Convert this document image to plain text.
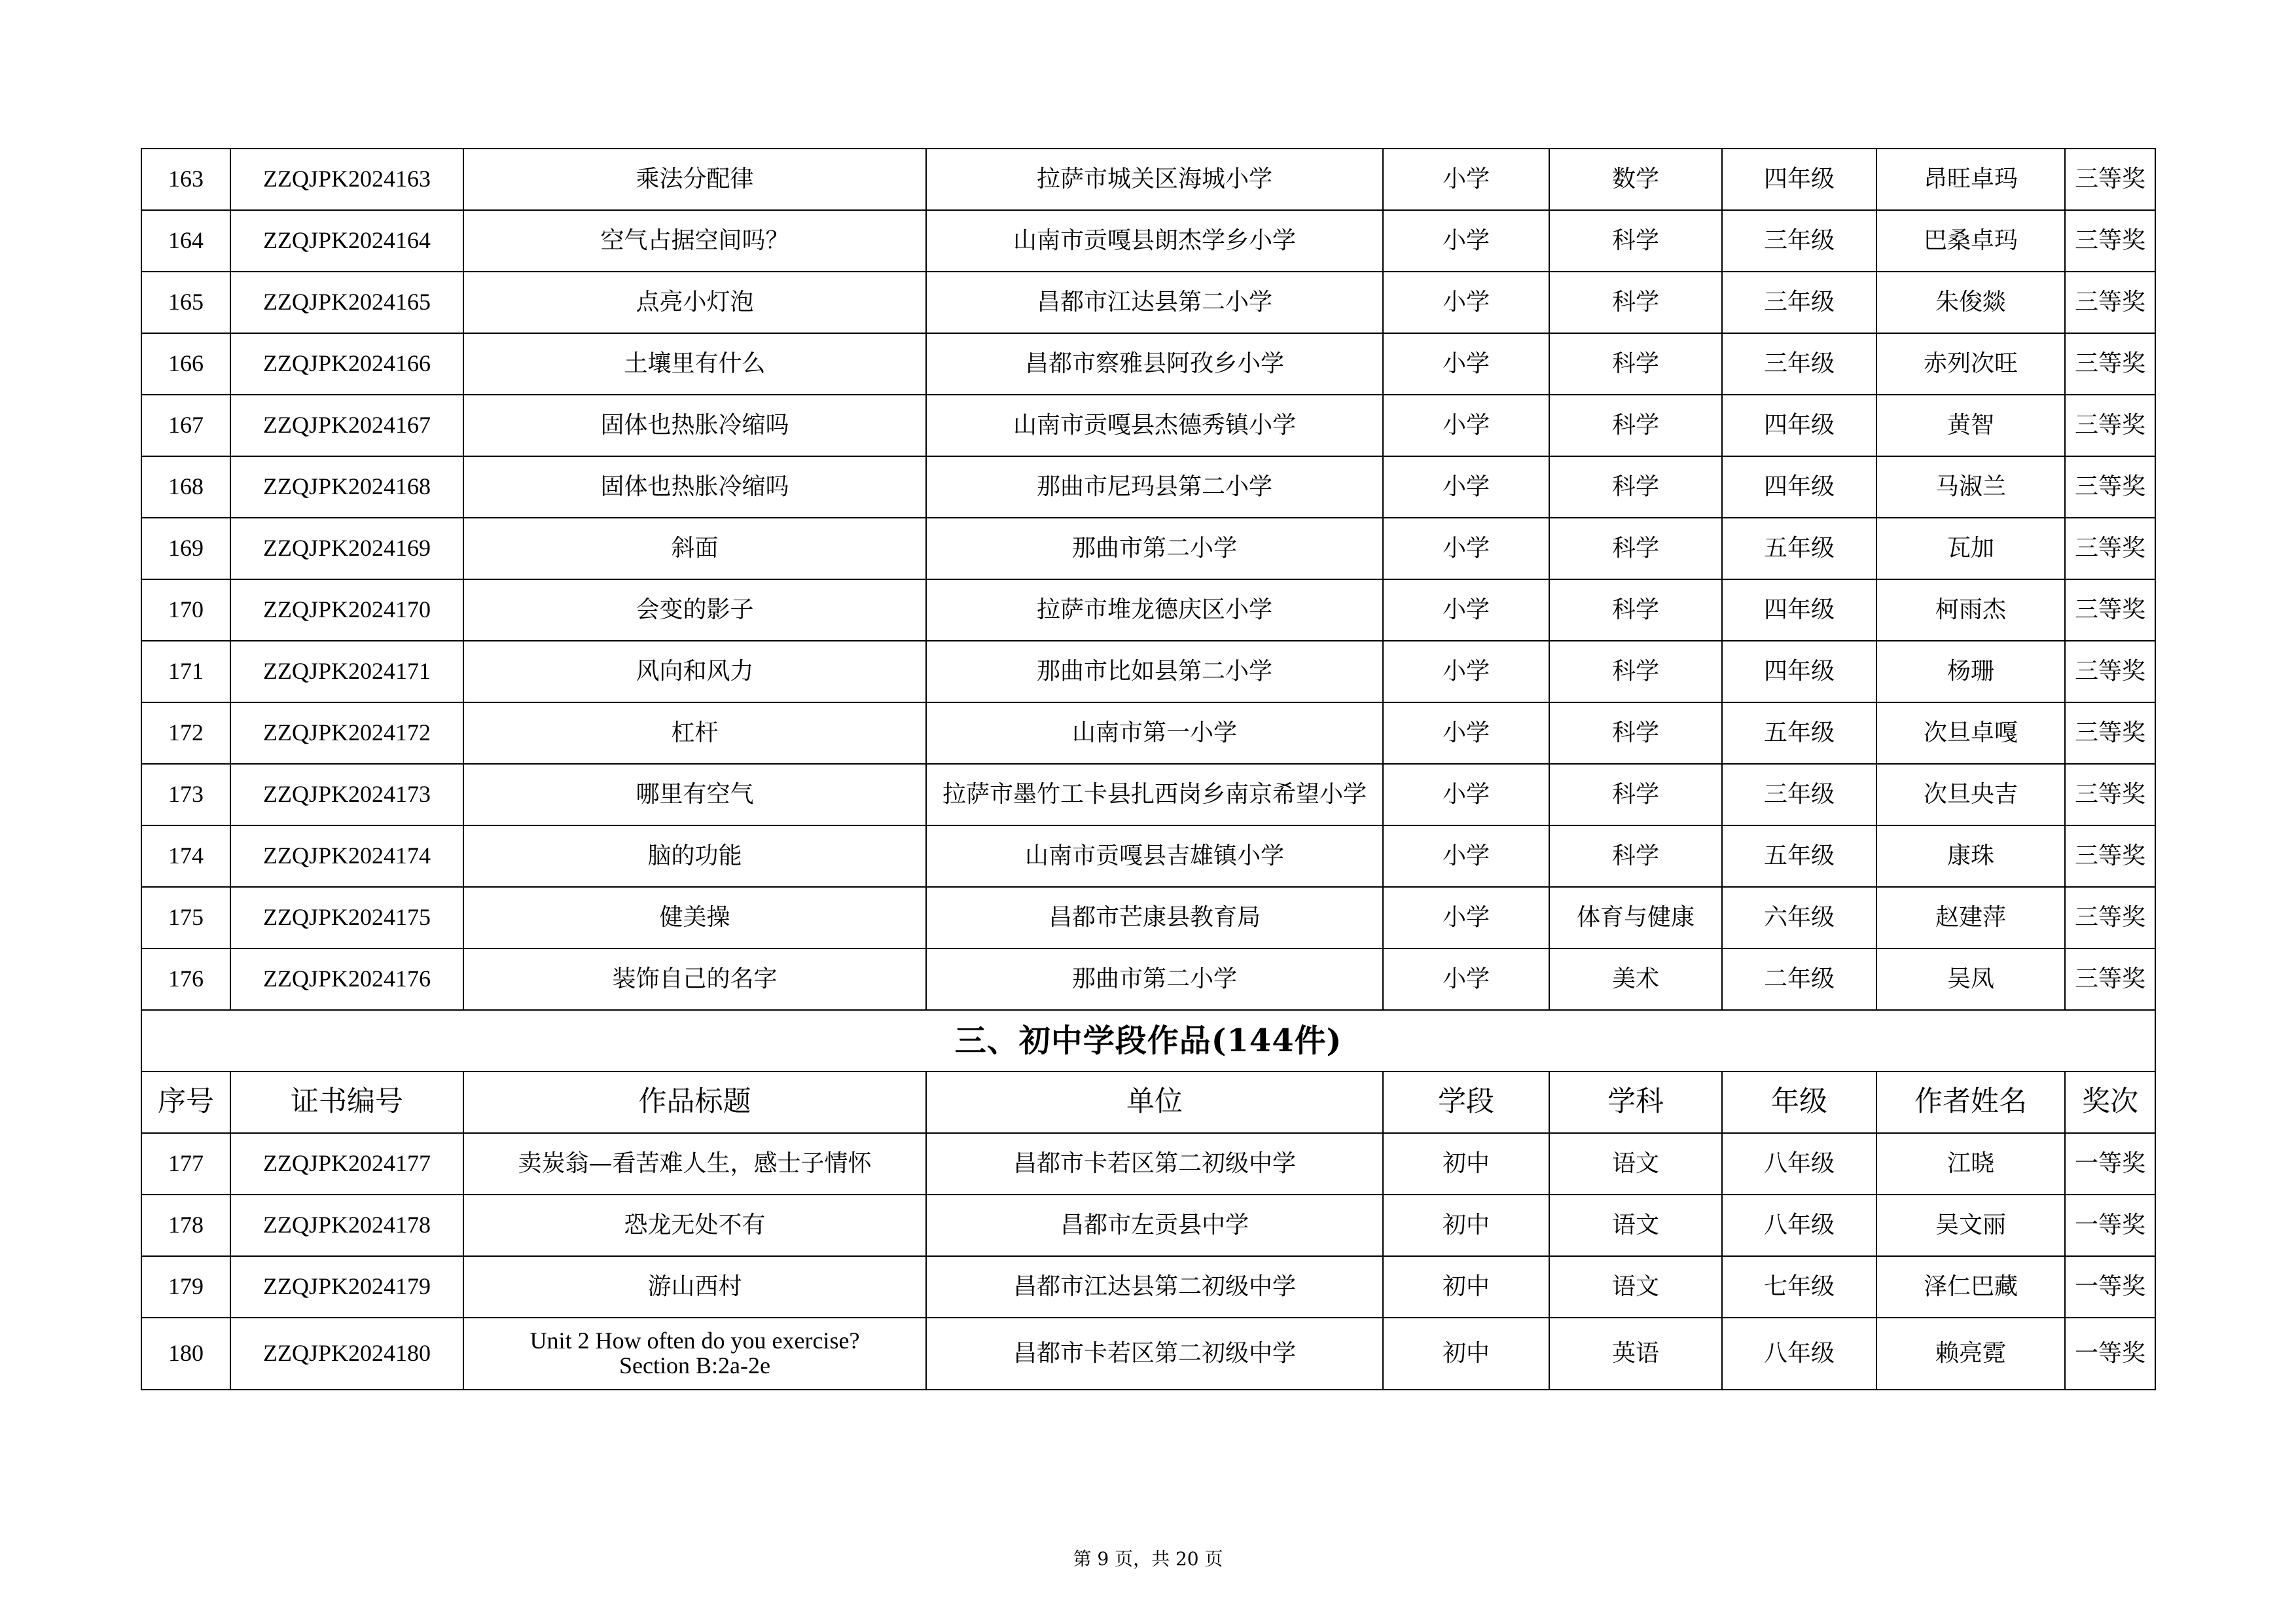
163	ZZQJPK2024163	乘法分配律	拉萨市城关区海城小学	小学	数学	四年级	昂旺卓玛	三等奖
164	ZZQJPK2024164	空气占据空间吗？	山南市贡嘎县朗杰学乡小学	小学	科学	三年级	巴桑卓玛	三等奖
165	ZZQJPK2024165	点亮小灯泡	昌都市江达县第二小学	小学	科学	三年级	朱俊燚	三等奖
166	ZZQJPK2024166	土壤里有什么	昌都市察雅县阿孜乡小学	小学	科学	三年级	赤列次旺	三等奖
167	ZZQJPK2024167	固体也热胀冷缩吗	山南市贡嘎县杰德秀镇小学	小学	科学	四年级	黄智	三等奖
168	ZZQJPK2024168	固体也热胀冷缩吗	那曲市尼玛县第二小学	小学	科学	四年级	马淑兰	三等奖
169	ZZQJPK2024169	斜面	那曲市第二小学	小学	科学	五年级	瓦加	三等奖
170	ZZQJPK2024170	会变的影子	拉萨市堆龙德庆区小学	小学	科学	四年级	柯雨杰	三等奖
171	ZZQJPK2024171	风向和风力	那曲市比如县第二小学	小学	科学	四年级	杨珊	三等奖
172	ZZQJPK2024172	杠杆	山南市第一小学	小学	科学	五年级	次旦卓嘎	三等奖
173	ZZQJPK2024173	哪里有空气	拉萨市墨竹工卡县扎西岗乡南京希望小学	小学	科学	三年级	次旦央吉	三等奖
174	ZZQJPK2024174	脑的功能	山南市贡嘎县吉雄镇小学	小学	科学	五年级	康珠	三等奖
175	ZZQJPK2024175	健美操	昌都市芒康县教育局	小学	体育与健康	六年级	赵建萍	三等奖
176	ZZQJPK2024176	装饰自己的名字	那曲市第二小学	小学	美术	二年级	吴凤	三等奖
三、初中学段作品(144件)								
序号	证书编号	作品标题	单位	学段	学科	年级	作者姓名	奖次
177	ZZQJPK2024177	卖炭翁—看苦难人生，感士子情怀	昌都市卡若区第二初级中学	初中	语文	八年级	江晓	一等奖
178	ZZQJPK2024178	恐龙无处不有	昌都市左贡县中学	初中	语文	八年级	吴文丽	一等奖
179	ZZQJPK2024179	游山西村	昌都市江达县第二初级中学	初中	语文	七年级	泽仁巴藏	一等奖
180	ZZQJPK2024180	Unit 2 How often do you exercise?
Section B:2a-2e	昌都市卡若区第二初级中学	初中	英语	八年级	赖亮霓	一等奖
第 9 页，共 20 页
